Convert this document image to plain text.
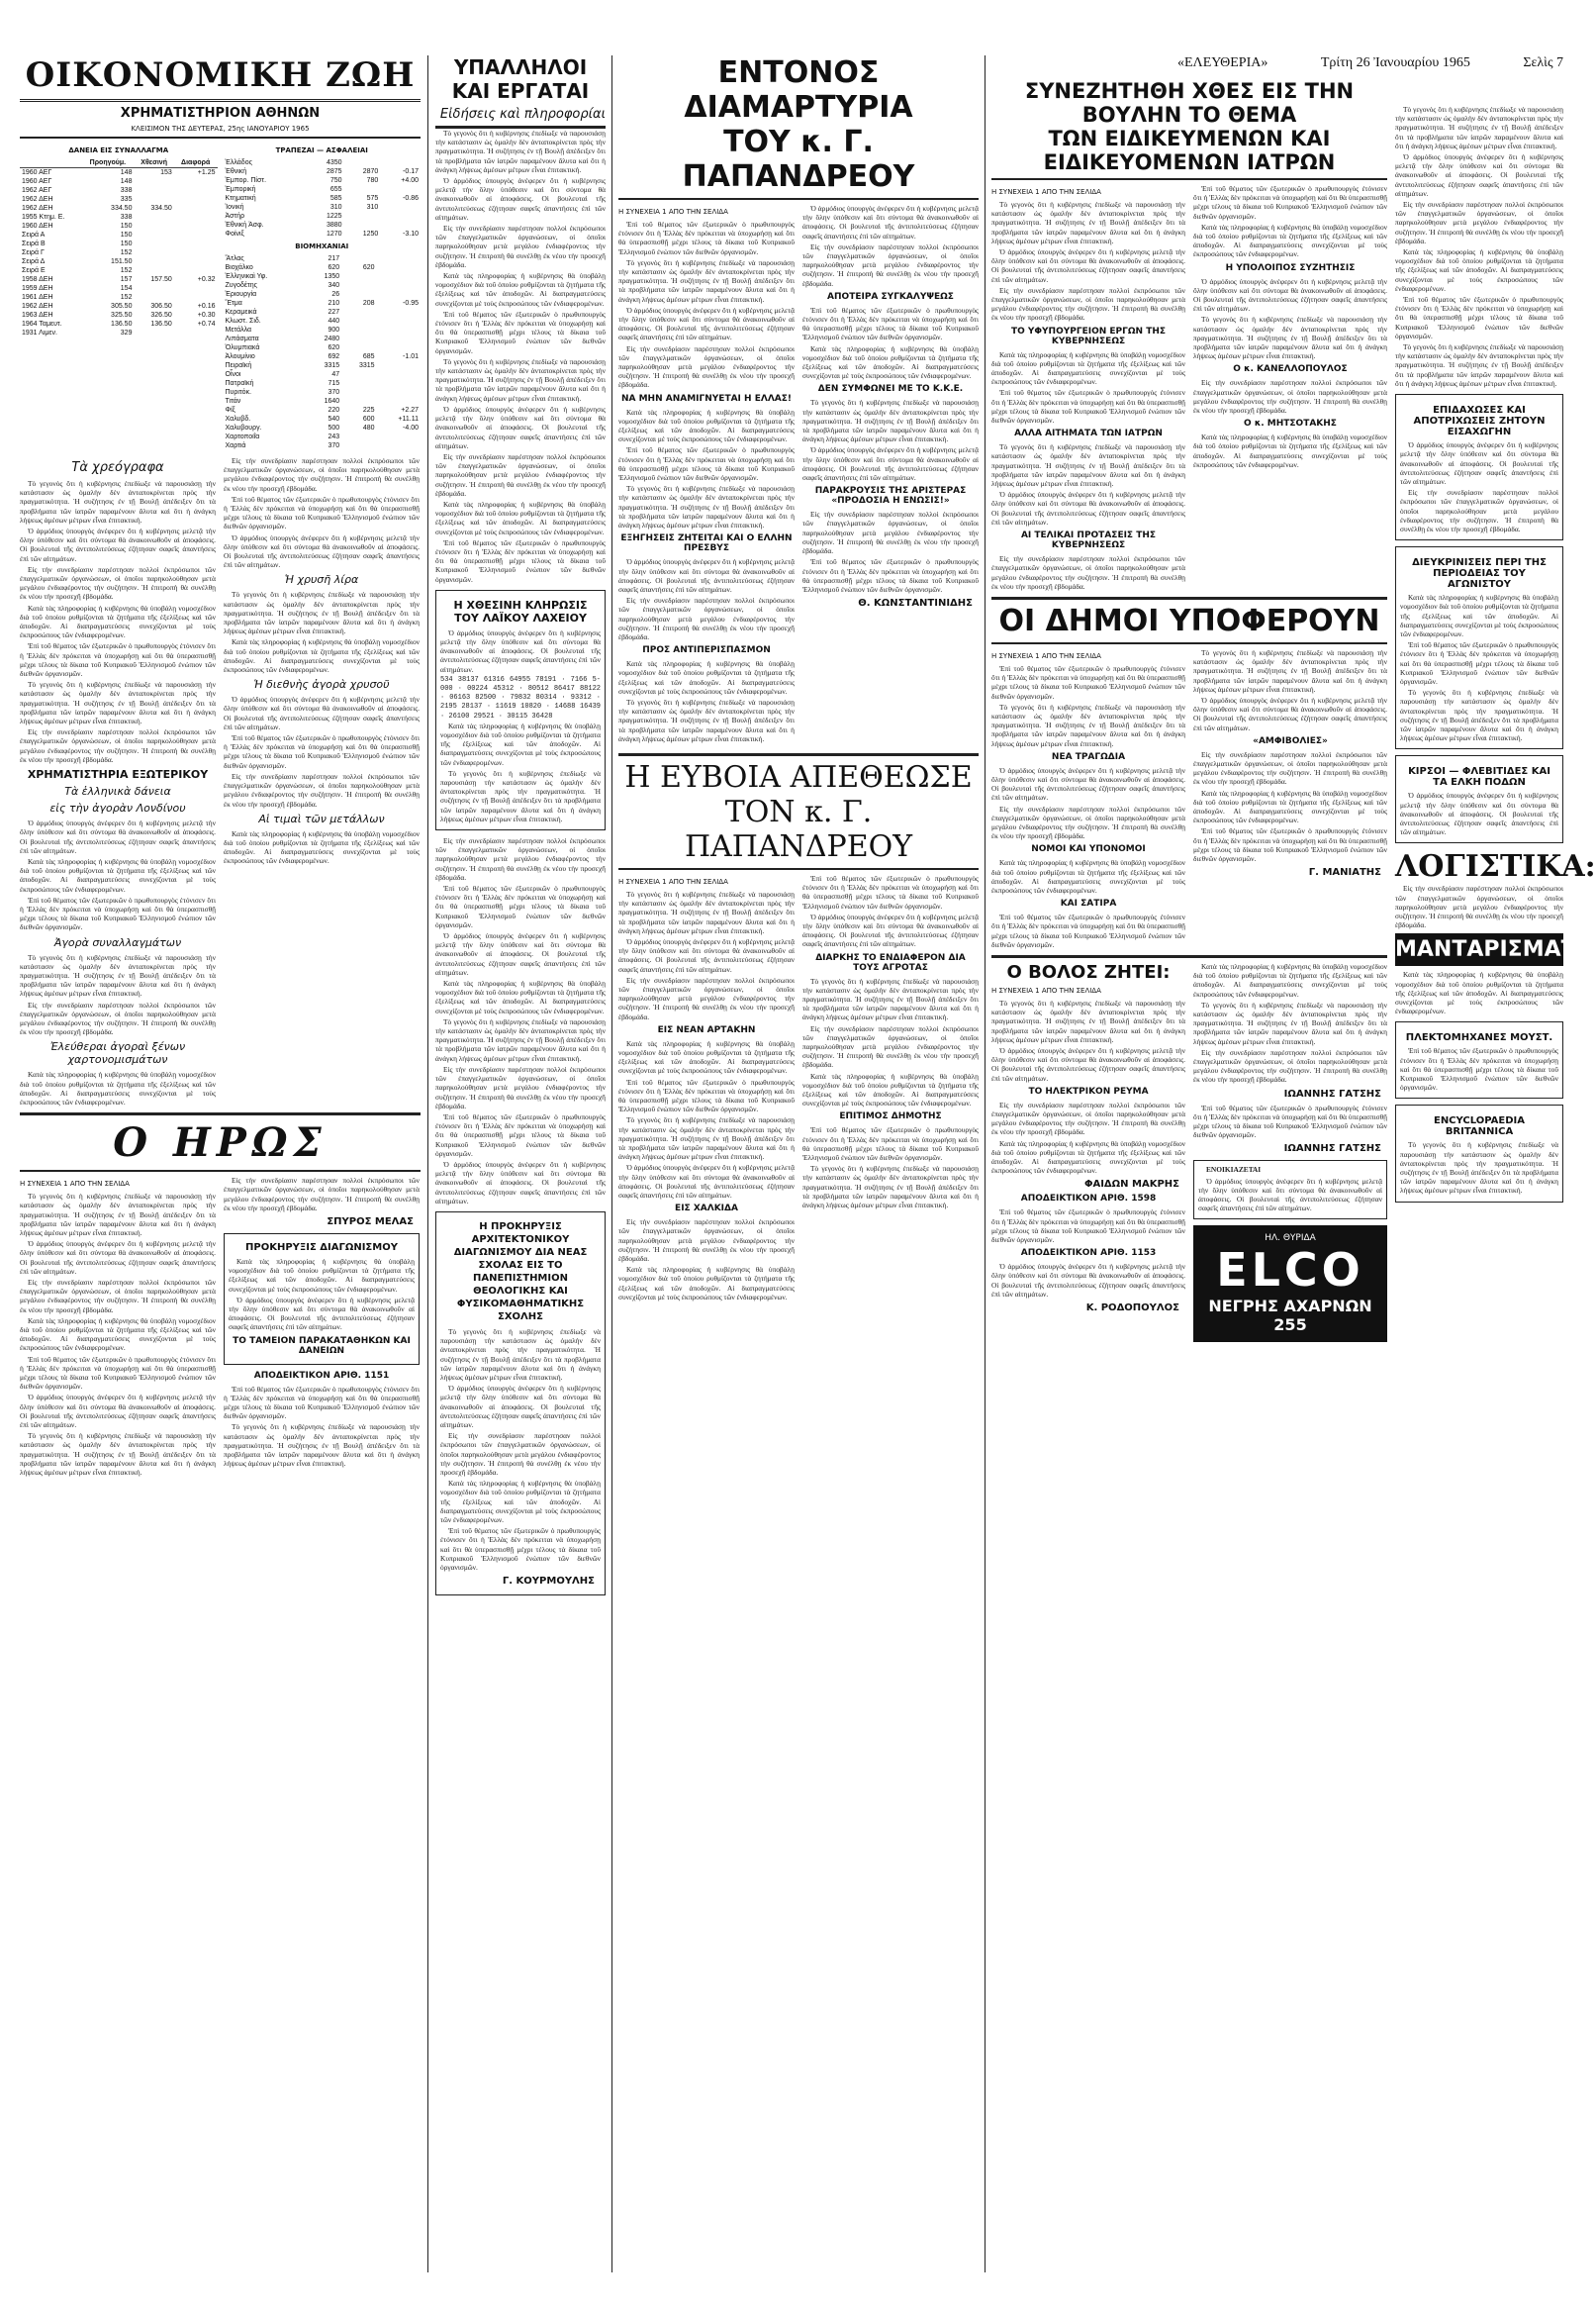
«ΕΛΕΥΘΕΡΙΑ»	Τρίτη 26 Ἰανουαρίου 1965	Σελὶς 7
ΟΙΚΟΝΟΜΙΚΗ ΖΩΗ
ΧΡΗΜΑΤΙΣΤΗΡΙΟΝ ΑΘΗΝΩΝ
ΚΛΕΙΣΙΜΟΝ ΤΗΣ ΔΕΥΤΕΡΑΣ, 25ης ΙΑΝΟΥΑΡΙΟΥ 1965
ΔΑΝΕΙΑ ΕΙΣ ΣΥΝΑΛΛΑΓΜΑ
	Προηγούμ.	Χθεσινή	Διαφορά
1960 ΑΕΓ	148	153	+1.25
1960 ΑΕΓ	148		
1962 ΑΕΓ	338		
1962 ΔΕΗ	335		
1962 ΔΕΗ	334.50	334.50	
1955 Κτημ. Ε.	338		
1960 ΔΕΗ	150		
Σειρά Α	150		
Σειρά Β	150		
Σειρά Γ	152		
Σειρά Δ	151.50		
Σειρά Ε	152		
1958 ΔΕΗ	157	157.50	+0.32
1959 ΔΕΗ	154		
1961 ΔΕΗ	152		
1962 ΔΕΗ	305.50	306.50	+0.16
1963 ΔΕΗ	325.50	326.50	+0.30
1964 Ταμευτ.	136.50	136.50	+0.74
1931 Λιμεν.	329		
ΤΡΑΠΕΖΑΙ — ΑΣΦΑΛΕΙΑΙ
Ἑλλάδος	4350		
Ἐθνική	2875	2870	-0.17
Ἐμπορ. Πίστ.	750	780	+4.00
Ἐμπορική	655		
Κτηματική	585	575	-0.86
Ἰονική	310	310	
Ἀστήρ	1225		
Ἐθνική Ἀσφ.	3880		
Φοίνιξ	1270	1250	-3.10
ΒΙΟΜΗΧΑΝΙΑΙ
Ἄτλας	217		
Βιοχάλκο	620	620	
Ἑλληνικαὶ Υφ.	1350		
Ζυγοδέτης	340		
Ἐριουργία	26		
Ἔτμα	210	208	-0.95
Κεραμεικά	227		
Κλωστ. Σιδ.	440		
Μετάλλα	900		
Λιπάσματα	2480		
Ὀλυμπιακά	620		
Ἀλουμίνιο	692	685	-1.01
Πειραϊκή	3315	3315	
Οἶνοι	47		
Πατραϊκή	715		
Πυριτόκ.	370		
Τιτάν	1640		
Φίξ	220	225	+2.27
Χαλυβδ.	540	600	+11.11
Χαλυβουργ.	500	480	-4.00
Χαρτοποιΐα	243		
Χαρτιά	370		
Τὰ χρεόγραφα

Τὸ γεγονὸς ὅτι ἡ κυβέρνησις ἐπεδίωξε νὰ παρουσιάσῃ τὴν κατάστασιν ὡς ὁμαλὴν δὲν ἀνταποκρίνεται πρὸς τὴν πραγματικότητα. Ἡ συζήτησις ἐν τῇ Βουλῇ ἀπέδειξεν ὅτι τὰ προβλήματα τῶν ἰατρῶν παραμένουν ἄλυτα καὶ ὅτι ἡ ἀνάγκη λήψεως ἀμέσων μέτρων εἶναι ἐπιτακτική.

Ὁ ἀρμόδιος ὑπουργὸς ἀνέφερεν ὅτι ἡ κυβέρνησις μελετᾷ τὴν ὅλην ὑπόθεσιν καὶ ὅτι σύντομα θὰ ἀνακοινωθοῦν αἱ ἀποφάσεις. Οἱ βουλευταὶ τῆς ἀντιπολιτεύσεως ἐζήτησαν σαφεῖς ἀπαντήσεις ἐπὶ τῶν αἰτημάτων.

Εἰς τὴν συνεδρίασιν παρέστησαν πολλοὶ ἐκπρόσωποι τῶν ἐπαγγελματικῶν ὀργανώσεων, οἱ ὁποῖοι παρηκολούθησαν μετὰ μεγάλου ἐνδιαφέροντος τὴν συζήτησιν. Ἡ ἐπιτροπὴ θὰ συνέλθῃ ἐκ νέου τὴν προσεχῆ ἑβδομάδα.

Κατὰ τὰς πληροφορίας ἡ κυβέρνησις θὰ ὑποβάλῃ νομοσχέδιον διὰ τοῦ ὁποίου ρυθμίζονται τὰ ζητήματα τῆς ἐξελίξεως καὶ τῶν ἀποδοχῶν. Αἱ διαπραγματεύσεις συνεχίζονται μὲ τοὺς ἐκπροσώπους τῶν ἐνδιαφερομένων.

Ἐπὶ τοῦ θέματος τῶν ἐξωτερικῶν ὁ πρωθυπουργὸς ἐτόνισεν ὅτι ἡ Ἑλλὰς δὲν πρόκειται νὰ ὑποχωρήσῃ καὶ ὅτι θὰ ὑπερασπισθῇ μέχρι τέλους τὰ δίκαια τοῦ Κυπριακοῦ Ἑλληνισμοῦ ἐνώπιον τῶν διεθνῶν ὀργανισμῶν.

Τὸ γεγονὸς ὅτι ἡ κυβέρνησις ἐπεδίωξε νὰ παρουσιάσῃ τὴν κατάστασιν ὡς ὁμαλὴν δὲν ἀνταποκρίνεται πρὸς τὴν πραγματικότητα. Ἡ συζήτησις ἐν τῇ Βουλῇ ἀπέδειξεν ὅτι τὰ προβλήματα τῶν ἰατρῶν παραμένουν ἄλυτα καὶ ὅτι ἡ ἀνάγκη λήψεως ἀμέσων μέτρων εἶναι ἐπιτακτική.

Εἰς τὴν συνεδρίασιν παρέστησαν πολλοὶ ἐκπρόσωποι τῶν ἐπαγγελματικῶν ὀργανώσεων, οἱ ὁποῖοι παρηκολούθησαν μετὰ μεγάλου ἐνδιαφέροντος τὴν συζήτησιν. Ἡ ἐπιτροπὴ θὰ συνέλθῃ ἐκ νέου τὴν προσεχῆ ἑβδομάδα.

ΧΡΗΜΑΤΙΣΤΗΡΙΑ ΕΞΩΤΕΡΙΚΟΥ
Τὰ ἑλληνικὰ δάνεια
εἰς τὴν ἀγορὰν Λονδίνου

Ὁ ἀρμόδιος ὑπουργὸς ἀνέφερεν ὅτι ἡ κυβέρνησις μελετᾷ τὴν ὅλην ὑπόθεσιν καὶ ὅτι σύντομα θὰ ἀνακοινωθοῦν αἱ ἀποφάσεις. Οἱ βουλευταὶ τῆς ἀντιπολιτεύσεως ἐζήτησαν σαφεῖς ἀπαντήσεις ἐπὶ τῶν αἰτημάτων.

Κατὰ τὰς πληροφορίας ἡ κυβέρνησις θὰ ὑποβάλῃ νομοσχέδιον διὰ τοῦ ὁποίου ρυθμίζονται τὰ ζητήματα τῆς ἐξελίξεως καὶ τῶν ἀποδοχῶν. Αἱ διαπραγματεύσεις συνεχίζονται μὲ τοὺς ἐκπροσώπους τῶν ἐνδιαφερομένων.

Ἐπὶ τοῦ θέματος τῶν ἐξωτερικῶν ὁ πρωθυπουργὸς ἐτόνισεν ὅτι ἡ Ἑλλὰς δὲν πρόκειται νὰ ὑποχωρήσῃ καὶ ὅτι θὰ ὑπερασπισθῇ μέχρι τέλους τὰ δίκαια τοῦ Κυπριακοῦ Ἑλληνισμοῦ ἐνώπιον τῶν διεθνῶν ὀργανισμῶν.

Ἀγορὰ συναλλαγμάτων

Τὸ γεγονὸς ὅτι ἡ κυβέρνησις ἐπεδίωξε νὰ παρουσιάσῃ τὴν κατάστασιν ὡς ὁμαλὴν δὲν ἀνταποκρίνεται πρὸς τὴν πραγματικότητα. Ἡ συζήτησις ἐν τῇ Βουλῇ ἀπέδειξεν ὅτι τὰ προβλήματα τῶν ἰατρῶν παραμένουν ἄλυτα καὶ ὅτι ἡ ἀνάγκη λήψεως ἀμέσων μέτρων εἶναι ἐπιτακτική.

Εἰς τὴν συνεδρίασιν παρέστησαν πολλοὶ ἐκπρόσωποι τῶν ἐπαγγελματικῶν ὀργανώσεων, οἱ ὁποῖοι παρηκολούθησαν μετὰ μεγάλου ἐνδιαφέροντος τὴν συζήτησιν. Ἡ ἐπιτροπὴ θὰ συνέλθῃ ἐκ νέου τὴν προσεχῆ ἑβδομάδα.

Ἐλεύθεραι ἀγοραὶ ξένων χαρτονομισμάτων

Κατὰ τὰς πληροφορίας ἡ κυβέρνησις θὰ ὑποβάλῃ νομοσχέδιον διὰ τοῦ ὁποίου ρυθμίζονται τὰ ζητήματα τῆς ἐξελίξεως καὶ τῶν ἀποδοχῶν. Αἱ διαπραγματεύσεις συνεχίζονται μὲ τοὺς ἐκπροσώπους τῶν ἐνδιαφερομένων.

Εἰς τὴν συνεδρίασιν παρέστησαν πολλοὶ ἐκπρόσωποι τῶν ἐπαγγελματικῶν ὀργανώσεων, οἱ ὁποῖοι παρηκολούθησαν μετὰ μεγάλου ἐνδιαφέροντος τὴν συζήτησιν. Ἡ ἐπιτροπὴ θὰ συνέλθῃ ἐκ νέου τὴν προσεχῆ ἑβδομάδα.

Ἐπὶ τοῦ θέματος τῶν ἐξωτερικῶν ὁ πρωθυπουργὸς ἐτόνισεν ὅτι ἡ Ἑλλὰς δὲν πρόκειται νὰ ὑποχωρήσῃ καὶ ὅτι θὰ ὑπερασπισθῇ μέχρι τέλους τὰ δίκαια τοῦ Κυπριακοῦ Ἑλληνισμοῦ ἐνώπιον τῶν διεθνῶν ὀργανισμῶν.

Ὁ ἀρμόδιος ὑπουργὸς ἀνέφερεν ὅτι ἡ κυβέρνησις μελετᾷ τὴν ὅλην ὑπόθεσιν καὶ ὅτι σύντομα θὰ ἀνακοινωθοῦν αἱ ἀποφάσεις. Οἱ βουλευταὶ τῆς ἀντιπολιτεύσεως ἐζήτησαν σαφεῖς ἀπαντήσεις ἐπὶ τῶν αἰτημάτων.

Ἡ χρυσῆ λίρα

Τὸ γεγονὸς ὅτι ἡ κυβέρνησις ἐπεδίωξε νὰ παρουσιάσῃ τὴν κατάστασιν ὡς ὁμαλὴν δὲν ἀνταποκρίνεται πρὸς τὴν πραγματικότητα. Ἡ συζήτησις ἐν τῇ Βουλῇ ἀπέδειξεν ὅτι τὰ προβλήματα τῶν ἰατρῶν παραμένουν ἄλυτα καὶ ὅτι ἡ ἀνάγκη λήψεως ἀμέσων μέτρων εἶναι ἐπιτακτική.

Κατὰ τὰς πληροφορίας ἡ κυβέρνησις θὰ ὑποβάλῃ νομοσχέδιον διὰ τοῦ ὁποίου ρυθμίζονται τὰ ζητήματα τῆς ἐξελίξεως καὶ τῶν ἀποδοχῶν. Αἱ διαπραγματεύσεις συνεχίζονται μὲ τοὺς ἐκπροσώπους τῶν ἐνδιαφερομένων.

Ἡ διεθνὴς ἀγορὰ χρυσοῦ

Ὁ ἀρμόδιος ὑπουργὸς ἀνέφερεν ὅτι ἡ κυβέρνησις μελετᾷ τὴν ὅλην ὑπόθεσιν καὶ ὅτι σύντομα θὰ ἀνακοινωθοῦν αἱ ἀποφάσεις. Οἱ βουλευταὶ τῆς ἀντιπολιτεύσεως ἐζήτησαν σαφεῖς ἀπαντήσεις ἐπὶ τῶν αἰτημάτων.

Ἐπὶ τοῦ θέματος τῶν ἐξωτερικῶν ὁ πρωθυπουργὸς ἐτόνισεν ὅτι ἡ Ἑλλὰς δὲν πρόκειται νὰ ὑποχωρήσῃ καὶ ὅτι θὰ ὑπερασπισθῇ μέχρι τέλους τὰ δίκαια τοῦ Κυπριακοῦ Ἑλληνισμοῦ ἐνώπιον τῶν διεθνῶν ὀργανισμῶν.

Εἰς τὴν συνεδρίασιν παρέστησαν πολλοὶ ἐκπρόσωποι τῶν ἐπαγγελματικῶν ὀργανώσεων, οἱ ὁποῖοι παρηκολούθησαν μετὰ μεγάλου ἐνδιαφέροντος τὴν συζήτησιν. Ἡ ἐπιτροπὴ θὰ συνέλθῃ ἐκ νέου τὴν προσεχῆ ἑβδομάδα.

Αἱ τιμαὶ τῶν μετάλλων

Κατὰ τὰς πληροφορίας ἡ κυβέρνησις θὰ ὑποβάλῃ νομοσχέδιον διὰ τοῦ ὁποίου ρυθμίζονται τὰ ζητήματα τῆς ἐξελίξεως καὶ τῶν ἀποδοχῶν. Αἱ διαπραγματεύσεις συνεχίζονται μὲ τοὺς ἐκπροσώπους τῶν ἐνδιαφερομένων.

Ο ΗΡΩΣ
Η ΣΥΝΕΧΕΙΑ 1 ΑΠΟ ΤΗΝ ΣΕΛΙΔΑ

Τὸ γεγονὸς ὅτι ἡ κυβέρνησις ἐπεδίωξε νὰ παρουσιάσῃ τὴν κατάστασιν ὡς ὁμαλὴν δὲν ἀνταποκρίνεται πρὸς τὴν πραγματικότητα. Ἡ συζήτησις ἐν τῇ Βουλῇ ἀπέδειξεν ὅτι τὰ προβλήματα τῶν ἰατρῶν παραμένουν ἄλυτα καὶ ὅτι ἡ ἀνάγκη λήψεως ἀμέσων μέτρων εἶναι ἐπιτακτική.

Ὁ ἀρμόδιος ὑπουργὸς ἀνέφερεν ὅτι ἡ κυβέρνησις μελετᾷ τὴν ὅλην ὑπόθεσιν καὶ ὅτι σύντομα θὰ ἀνακοινωθοῦν αἱ ἀποφάσεις. Οἱ βουλευταὶ τῆς ἀντιπολιτεύσεως ἐζήτησαν σαφεῖς ἀπαντήσεις ἐπὶ τῶν αἰτημάτων.

Εἰς τὴν συνεδρίασιν παρέστησαν πολλοὶ ἐκπρόσωποι τῶν ἐπαγγελματικῶν ὀργανώσεων, οἱ ὁποῖοι παρηκολούθησαν μετὰ μεγάλου ἐνδιαφέροντος τὴν συζήτησιν. Ἡ ἐπιτροπὴ θὰ συνέλθῃ ἐκ νέου τὴν προσεχῆ ἑβδομάδα.

Κατὰ τὰς πληροφορίας ἡ κυβέρνησις θὰ ὑποβάλῃ νομοσχέδιον διὰ τοῦ ὁποίου ρυθμίζονται τὰ ζητήματα τῆς ἐξελίξεως καὶ τῶν ἀποδοχῶν. Αἱ διαπραγματεύσεις συνεχίζονται μὲ τοὺς ἐκπροσώπους τῶν ἐνδιαφερομένων.

Ἐπὶ τοῦ θέματος τῶν ἐξωτερικῶν ὁ πρωθυπουργὸς ἐτόνισεν ὅτι ἡ Ἑλλὰς δὲν πρόκειται νὰ ὑποχωρήσῃ καὶ ὅτι θὰ ὑπερασπισθῇ μέχρι τέλους τὰ δίκαια τοῦ Κυπριακοῦ Ἑλληνισμοῦ ἐνώπιον τῶν διεθνῶν ὀργανισμῶν.

Ὁ ἀρμόδιος ὑπουργὸς ἀνέφερεν ὅτι ἡ κυβέρνησις μελετᾷ τὴν ὅλην ὑπόθεσιν καὶ ὅτι σύντομα θὰ ἀνακοινωθοῦν αἱ ἀποφάσεις. Οἱ βουλευταὶ τῆς ἀντιπολιτεύσεως ἐζήτησαν σαφεῖς ἀπαντήσεις ἐπὶ τῶν αἰτημάτων.

Τὸ γεγονὸς ὅτι ἡ κυβέρνησις ἐπεδίωξε νὰ παρουσιάσῃ τὴν κατάστασιν ὡς ὁμαλὴν δὲν ἀνταποκρίνεται πρὸς τὴν πραγματικότητα. Ἡ συζήτησις ἐν τῇ Βουλῇ ἀπέδειξεν ὅτι τὰ προβλήματα τῶν ἰατρῶν παραμένουν ἄλυτα καὶ ὅτι ἡ ἀνάγκη λήψεως ἀμέσων μέτρων εἶναι ἐπιτακτική.

Εἰς τὴν συνεδρίασιν παρέστησαν πολλοὶ ἐκπρόσωποι τῶν ἐπαγγελματικῶν ὀργανώσεων, οἱ ὁποῖοι παρηκολούθησαν μετὰ μεγάλου ἐνδιαφέροντος τὴν συζήτησιν. Ἡ ἐπιτροπὴ θὰ συνέλθῃ ἐκ νέου τὴν προσεχῆ ἑβδομάδα.

ΣΠΥΡΟΣ ΜΕΛΑΣ
ΠΡΟΚΗΡΥΞΙΣ ΔΙΑΓΩΝΙΣΜΟΥ

Κατὰ τὰς πληροφορίας ἡ κυβέρνησις θὰ ὑποβάλῃ νομοσχέδιον διὰ τοῦ ὁποίου ρυθμίζονται τὰ ζητήματα τῆς ἐξελίξεως καὶ τῶν ἀποδοχῶν. Αἱ διαπραγματεύσεις συνεχίζονται μὲ τοὺς ἐκπροσώπους τῶν ἐνδιαφερομένων.

Ὁ ἀρμόδιος ὑπουργὸς ἀνέφερεν ὅτι ἡ κυβέρνησις μελετᾷ τὴν ὅλην ὑπόθεσιν καὶ ὅτι σύντομα θὰ ἀνακοινωθοῦν αἱ ἀποφάσεις. Οἱ βουλευταὶ τῆς ἀντιπολιτεύσεως ἐζήτησαν σαφεῖς ἀπαντήσεις ἐπὶ τῶν αἰτημάτων.

ΤΟ ΤΑΜΕΙΟΝ ΠΑΡΑΚΑΤΑΘΗΚΩΝ ΚΑΙ ΔΑΝΕΙΩΝ
ΑΠΟΔΕΙΚΤΙΚΟΝ ΑΡΙΘ. 1151

Ἐπὶ τοῦ θέματος τῶν ἐξωτερικῶν ὁ πρωθυπουργὸς ἐτόνισεν ὅτι ἡ Ἑλλὰς δὲν πρόκειται νὰ ὑποχωρήσῃ καὶ ὅτι θὰ ὑπερασπισθῇ μέχρι τέλους τὰ δίκαια τοῦ Κυπριακοῦ Ἑλληνισμοῦ ἐνώπιον τῶν διεθνῶν ὀργανισμῶν.

Τὸ γεγονὸς ὅτι ἡ κυβέρνησις ἐπεδίωξε νὰ παρουσιάσῃ τὴν κατάστασιν ὡς ὁμαλὴν δὲν ἀνταποκρίνεται πρὸς τὴν πραγματικότητα. Ἡ συζήτησις ἐν τῇ Βουλῇ ἀπέδειξεν ὅτι τὰ προβλήματα τῶν ἰατρῶν παραμένουν ἄλυτα καὶ ὅτι ἡ ἀνάγκη λήψεως ἀμέσων μέτρων εἶναι ἐπιτακτική.

ΥΠΑΛΛΗΛΟΙ
ΚΑΙ ΕΡΓΑΤΑΙ
Εἰδήσεις καὶ πληροφορίαι

Τὸ γεγονὸς ὅτι ἡ κυβέρνησις ἐπεδίωξε νὰ παρουσιάσῃ τὴν κατάστασιν ὡς ὁμαλὴν δὲν ἀνταποκρίνεται πρὸς τὴν πραγματικότητα. Ἡ συζήτησις ἐν τῇ Βουλῇ ἀπέδειξεν ὅτι τὰ προβλήματα τῶν ἰατρῶν παραμένουν ἄλυτα καὶ ὅτι ἡ ἀνάγκη λήψεως ἀμέσων μέτρων εἶναι ἐπιτακτική.

Ὁ ἀρμόδιος ὑπουργὸς ἀνέφερεν ὅτι ἡ κυβέρνησις μελετᾷ τὴν ὅλην ὑπόθεσιν καὶ ὅτι σύντομα θὰ ἀνακοινωθοῦν αἱ ἀποφάσεις. Οἱ βουλευταὶ τῆς ἀντιπολιτεύσεως ἐζήτησαν σαφεῖς ἀπαντήσεις ἐπὶ τῶν αἰτημάτων.

Εἰς τὴν συνεδρίασιν παρέστησαν πολλοὶ ἐκπρόσωποι τῶν ἐπαγγελματικῶν ὀργανώσεων, οἱ ὁποῖοι παρηκολούθησαν μετὰ μεγάλου ἐνδιαφέροντος τὴν συζήτησιν. Ἡ ἐπιτροπὴ θὰ συνέλθῃ ἐκ νέου τὴν προσεχῆ ἑβδομάδα.

Κατὰ τὰς πληροφορίας ἡ κυβέρνησις θὰ ὑποβάλῃ νομοσχέδιον διὰ τοῦ ὁποίου ρυθμίζονται τὰ ζητήματα τῆς ἐξελίξεως καὶ τῶν ἀποδοχῶν. Αἱ διαπραγματεύσεις συνεχίζονται μὲ τοὺς ἐκπροσώπους τῶν ἐνδιαφερομένων.

Ἐπὶ τοῦ θέματος τῶν ἐξωτερικῶν ὁ πρωθυπουργὸς ἐτόνισεν ὅτι ἡ Ἑλλὰς δὲν πρόκειται νὰ ὑποχωρήσῃ καὶ ὅτι θὰ ὑπερασπισθῇ μέχρι τέλους τὰ δίκαια τοῦ Κυπριακοῦ Ἑλληνισμοῦ ἐνώπιον τῶν διεθνῶν ὀργανισμῶν.

Τὸ γεγονὸς ὅτι ἡ κυβέρνησις ἐπεδίωξε νὰ παρουσιάσῃ τὴν κατάστασιν ὡς ὁμαλὴν δὲν ἀνταποκρίνεται πρὸς τὴν πραγματικότητα. Ἡ συζήτησις ἐν τῇ Βουλῇ ἀπέδειξεν ὅτι τὰ προβλήματα τῶν ἰατρῶν παραμένουν ἄλυτα καὶ ὅτι ἡ ἀνάγκη λήψεως ἀμέσων μέτρων εἶναι ἐπιτακτική.

Ὁ ἀρμόδιος ὑπουργὸς ἀνέφερεν ὅτι ἡ κυβέρνησις μελετᾷ τὴν ὅλην ὑπόθεσιν καὶ ὅτι σύντομα θὰ ἀνακοινωθοῦν αἱ ἀποφάσεις. Οἱ βουλευταὶ τῆς ἀντιπολιτεύσεως ἐζήτησαν σαφεῖς ἀπαντήσεις ἐπὶ τῶν αἰτημάτων.

Εἰς τὴν συνεδρίασιν παρέστησαν πολλοὶ ἐκπρόσωποι τῶν ἐπαγγελματικῶν ὀργανώσεων, οἱ ὁποῖοι παρηκολούθησαν μετὰ μεγάλου ἐνδιαφέροντος τὴν συζήτησιν. Ἡ ἐπιτροπὴ θὰ συνέλθῃ ἐκ νέου τὴν προσεχῆ ἑβδομάδα.

Κατὰ τὰς πληροφορίας ἡ κυβέρνησις θὰ ὑποβάλῃ νομοσχέδιον διὰ τοῦ ὁποίου ρυθμίζονται τὰ ζητήματα τῆς ἐξελίξεως καὶ τῶν ἀποδοχῶν. Αἱ διαπραγματεύσεις συνεχίζονται μὲ τοὺς ἐκπροσώπους τῶν ἐνδιαφερομένων.

Ἐπὶ τοῦ θέματος τῶν ἐξωτερικῶν ὁ πρωθυπουργὸς ἐτόνισεν ὅτι ἡ Ἑλλὰς δὲν πρόκειται νὰ ὑποχωρήσῃ καὶ ὅτι θὰ ὑπερασπισθῇ μέχρι τέλους τὰ δίκαια τοῦ Κυπριακοῦ Ἑλληνισμοῦ ἐνώπιον τῶν διεθνῶν ὀργανισμῶν.

Η ΧΘΕΣΙΝΗ ΚΛΗΡΩΣΙΣ ΤΟΥ ΛΑΪΚΟΥ ΛΑΧΕΙΟΥ

Ὁ ἀρμόδιος ὑπουργὸς ἀνέφερεν ὅτι ἡ κυβέρνησις μελετᾷ τὴν ὅλην ὑπόθεσιν καὶ ὅτι σύντομα θὰ ἀνακοινωθοῦν αἱ ἀποφάσεις. Οἱ βουλευταὶ τῆς ἀντιπολιτεύσεως ἐζήτησαν σαφεῖς ἀπαντήσεις ἐπὶ τῶν αἰτημάτων.

534 38137 61316 64955 78191 · 7166 5-000 · 00224 45312 · 80512 86417 88122 · 06163 82500 · 79832 80314 · 93312 · 2195 28137 · 11619 10820 · 14688 16439 · 26100 29521 · 30115 36428

Κατὰ τὰς πληροφορίας ἡ κυβέρνησις θὰ ὑποβάλῃ νομοσχέδιον διὰ τοῦ ὁποίου ρυθμίζονται τὰ ζητήματα τῆς ἐξελίξεως καὶ τῶν ἀποδοχῶν. Αἱ διαπραγματεύσεις συνεχίζονται μὲ τοὺς ἐκπροσώπους τῶν ἐνδιαφερομένων.

Τὸ γεγονὸς ὅτι ἡ κυβέρνησις ἐπεδίωξε νὰ παρουσιάσῃ τὴν κατάστασιν ὡς ὁμαλὴν δὲν ἀνταποκρίνεται πρὸς τὴν πραγματικότητα. Ἡ συζήτησις ἐν τῇ Βουλῇ ἀπέδειξεν ὅτι τὰ προβλήματα τῶν ἰατρῶν παραμένουν ἄλυτα καὶ ὅτι ἡ ἀνάγκη λήψεως ἀμέσων μέτρων εἶναι ἐπιτακτική.

Εἰς τὴν συνεδρίασιν παρέστησαν πολλοὶ ἐκπρόσωποι τῶν ἐπαγγελματικῶν ὀργανώσεων, οἱ ὁποῖοι παρηκολούθησαν μετὰ μεγάλου ἐνδιαφέροντος τὴν συζήτησιν. Ἡ ἐπιτροπὴ θὰ συνέλθῃ ἐκ νέου τὴν προσεχῆ ἑβδομάδα.

Ἐπὶ τοῦ θέματος τῶν ἐξωτερικῶν ὁ πρωθυπουργὸς ἐτόνισεν ὅτι ἡ Ἑλλὰς δὲν πρόκειται νὰ ὑποχωρήσῃ καὶ ὅτι θὰ ὑπερασπισθῇ μέχρι τέλους τὰ δίκαια τοῦ Κυπριακοῦ Ἑλληνισμοῦ ἐνώπιον τῶν διεθνῶν ὀργανισμῶν.

Ὁ ἀρμόδιος ὑπουργὸς ἀνέφερεν ὅτι ἡ κυβέρνησις μελετᾷ τὴν ὅλην ὑπόθεσιν καὶ ὅτι σύντομα θὰ ἀνακοινωθοῦν αἱ ἀποφάσεις. Οἱ βουλευταὶ τῆς ἀντιπολιτεύσεως ἐζήτησαν σαφεῖς ἀπαντήσεις ἐπὶ τῶν αἰτημάτων.

Κατὰ τὰς πληροφορίας ἡ κυβέρνησις θὰ ὑποβάλῃ νομοσχέδιον διὰ τοῦ ὁποίου ρυθμίζονται τὰ ζητήματα τῆς ἐξελίξεως καὶ τῶν ἀποδοχῶν. Αἱ διαπραγματεύσεις συνεχίζονται μὲ τοὺς ἐκπροσώπους τῶν ἐνδιαφερομένων.

Τὸ γεγονὸς ὅτι ἡ κυβέρνησις ἐπεδίωξε νὰ παρουσιάσῃ τὴν κατάστασιν ὡς ὁμαλὴν δὲν ἀνταποκρίνεται πρὸς τὴν πραγματικότητα. Ἡ συζήτησις ἐν τῇ Βουλῇ ἀπέδειξεν ὅτι τὰ προβλήματα τῶν ἰατρῶν παραμένουν ἄλυτα καὶ ὅτι ἡ ἀνάγκη λήψεως ἀμέσων μέτρων εἶναι ἐπιτακτική.

Εἰς τὴν συνεδρίασιν παρέστησαν πολλοὶ ἐκπρόσωποι τῶν ἐπαγγελματικῶν ὀργανώσεων, οἱ ὁποῖοι παρηκολούθησαν μετὰ μεγάλου ἐνδιαφέροντος τὴν συζήτησιν. Ἡ ἐπιτροπὴ θὰ συνέλθῃ ἐκ νέου τὴν προσεχῆ ἑβδομάδα.

Ἐπὶ τοῦ θέματος τῶν ἐξωτερικῶν ὁ πρωθυπουργὸς ἐτόνισεν ὅτι ἡ Ἑλλὰς δὲν πρόκειται νὰ ὑποχωρήσῃ καὶ ὅτι θὰ ὑπερασπισθῇ μέχρι τέλους τὰ δίκαια τοῦ Κυπριακοῦ Ἑλληνισμοῦ ἐνώπιον τῶν διεθνῶν ὀργανισμῶν.

Ὁ ἀρμόδιος ὑπουργὸς ἀνέφερεν ὅτι ἡ κυβέρνησις μελετᾷ τὴν ὅλην ὑπόθεσιν καὶ ὅτι σύντομα θὰ ἀνακοινωθοῦν αἱ ἀποφάσεις. Οἱ βουλευταὶ τῆς ἀντιπολιτεύσεως ἐζήτησαν σαφεῖς ἀπαντήσεις ἐπὶ τῶν αἰτημάτων.

Η ΠΡΟΚΗΡΥΞΙΣ ΑΡΧΙΤΕΚΤΟΝΙΚΟΥ ΔΙΑΓΩΝΙΣΜΟΥ ΔΙΑ ΝΕΑΣ ΣΧΟΛΑΣ ΕΙΣ ΤΟ ΠΑΝΕΠΙΣΤΗΜΙΟΝ ΘΕΟΛΟΓΙΚΗΣ ΚΑΙ ΦΥΣΙΚΟΜΑΘΗΜΑΤΙΚΗΣ ΣΧΟΛΗΣ

Τὸ γεγονὸς ὅτι ἡ κυβέρνησις ἐπεδίωξε νὰ παρουσιάσῃ τὴν κατάστασιν ὡς ὁμαλὴν δὲν ἀνταποκρίνεται πρὸς τὴν πραγματικότητα. Ἡ συζήτησις ἐν τῇ Βουλῇ ἀπέδειξεν ὅτι τὰ προβλήματα τῶν ἰατρῶν παραμένουν ἄλυτα καὶ ὅτι ἡ ἀνάγκη λήψεως ἀμέσων μέτρων εἶναι ἐπιτακτική.

Ὁ ἀρμόδιος ὑπουργὸς ἀνέφερεν ὅτι ἡ κυβέρνησις μελετᾷ τὴν ὅλην ὑπόθεσιν καὶ ὅτι σύντομα θὰ ἀνακοινωθοῦν αἱ ἀποφάσεις. Οἱ βουλευταὶ τῆς ἀντιπολιτεύσεως ἐζήτησαν σαφεῖς ἀπαντήσεις ἐπὶ τῶν αἰτημάτων.

Εἰς τὴν συνεδρίασιν παρέστησαν πολλοὶ ἐκπρόσωποι τῶν ἐπαγγελματικῶν ὀργανώσεων, οἱ ὁποῖοι παρηκολούθησαν μετὰ μεγάλου ἐνδιαφέροντος τὴν συζήτησιν. Ἡ ἐπιτροπὴ θὰ συνέλθῃ ἐκ νέου τὴν προσεχῆ ἑβδομάδα.

Κατὰ τὰς πληροφορίας ἡ κυβέρνησις θὰ ὑποβάλῃ νομοσχέδιον διὰ τοῦ ὁποίου ρυθμίζονται τὰ ζητήματα τῆς ἐξελίξεως καὶ τῶν ἀποδοχῶν. Αἱ διαπραγματεύσεις συνεχίζονται μὲ τοὺς ἐκπροσώπους τῶν ἐνδιαφερομένων.

Ἐπὶ τοῦ θέματος τῶν ἐξωτερικῶν ὁ πρωθυπουργὸς ἐτόνισεν ὅτι ἡ Ἑλλὰς δὲν πρόκειται νὰ ὑποχωρήσῃ καὶ ὅτι θὰ ὑπερασπισθῇ μέχρι τέλους τὰ δίκαια τοῦ Κυπριακοῦ Ἑλληνισμοῦ ἐνώπιον τῶν διεθνῶν ὀργανισμῶν.

Γ. ΚΟΥΡΜΟΥΛΗΣ
ΕΝΤΟΝΟΣ ΔΙΑΜΑΡΤΥΡΙΑ
ΤΟΥ κ. Γ. ΠΑΠΑΝΔΡΕΟΥ
Η ΣΥΝΕΧΕΙΑ 1 ΑΠΟ ΤΗΝ ΣΕΛΙΔΑ

Ἐπὶ τοῦ θέματος τῶν ἐξωτερικῶν ὁ πρωθυπουργὸς ἐτόνισεν ὅτι ἡ Ἑλλὰς δὲν πρόκειται νὰ ὑποχωρήσῃ καὶ ὅτι θὰ ὑπερασπισθῇ μέχρι τέλους τὰ δίκαια τοῦ Κυπριακοῦ Ἑλληνισμοῦ ἐνώπιον τῶν διεθνῶν ὀργανισμῶν.

Τὸ γεγονὸς ὅτι ἡ κυβέρνησις ἐπεδίωξε νὰ παρουσιάσῃ τὴν κατάστασιν ὡς ὁμαλὴν δὲν ἀνταποκρίνεται πρὸς τὴν πραγματικότητα. Ἡ συζήτησις ἐν τῇ Βουλῇ ἀπέδειξεν ὅτι τὰ προβλήματα τῶν ἰατρῶν παραμένουν ἄλυτα καὶ ὅτι ἡ ἀνάγκη λήψεως ἀμέσων μέτρων εἶναι ἐπιτακτική.

Ὁ ἀρμόδιος ὑπουργὸς ἀνέφερεν ὅτι ἡ κυβέρνησις μελετᾷ τὴν ὅλην ὑπόθεσιν καὶ ὅτι σύντομα θὰ ἀνακοινωθοῦν αἱ ἀποφάσεις. Οἱ βουλευταὶ τῆς ἀντιπολιτεύσεως ἐζήτησαν σαφεῖς ἀπαντήσεις ἐπὶ τῶν αἰτημάτων.

Εἰς τὴν συνεδρίασιν παρέστησαν πολλοὶ ἐκπρόσωποι τῶν ἐπαγγελματικῶν ὀργανώσεων, οἱ ὁποῖοι παρηκολούθησαν μετὰ μεγάλου ἐνδιαφέροντος τὴν συζήτησιν. Ἡ ἐπιτροπὴ θὰ συνέλθῃ ἐκ νέου τὴν προσεχῆ ἑβδομάδα.

ΝΑ ΜΗΝ ΑΝΑΜΙΓΝΥΕΤΑΙ Η ΕΛΛΑΣ!

Κατὰ τὰς πληροφορίας ἡ κυβέρνησις θὰ ὑποβάλῃ νομοσχέδιον διὰ τοῦ ὁποίου ρυθμίζονται τὰ ζητήματα τῆς ἐξελίξεως καὶ τῶν ἀποδοχῶν. Αἱ διαπραγματεύσεις συνεχίζονται μὲ τοὺς ἐκπροσώπους τῶν ἐνδιαφερομένων.

Ἐπὶ τοῦ θέματος τῶν ἐξωτερικῶν ὁ πρωθυπουργὸς ἐτόνισεν ὅτι ἡ Ἑλλὰς δὲν πρόκειται νὰ ὑποχωρήσῃ καὶ ὅτι θὰ ὑπερασπισθῇ μέχρι τέλους τὰ δίκαια τοῦ Κυπριακοῦ Ἑλληνισμοῦ ἐνώπιον τῶν διεθνῶν ὀργανισμῶν.

Τὸ γεγονὸς ὅτι ἡ κυβέρνησις ἐπεδίωξε νὰ παρουσιάσῃ τὴν κατάστασιν ὡς ὁμαλὴν δὲν ἀνταποκρίνεται πρὸς τὴν πραγματικότητα. Ἡ συζήτησις ἐν τῇ Βουλῇ ἀπέδειξεν ὅτι τὰ προβλήματα τῶν ἰατρῶν παραμένουν ἄλυτα καὶ ὅτι ἡ ἀνάγκη λήψεως ἀμέσων μέτρων εἶναι ἐπιτακτική.

ΕΞΗΓΗΣΕΙΣ ΖΗΤΕΙΤΑΙ ΚΑΙ Ο ΕΛΛΗΝ ΠΡΕΣΒΥΣ

Ὁ ἀρμόδιος ὑπουργὸς ἀνέφερεν ὅτι ἡ κυβέρνησις μελετᾷ τὴν ὅλην ὑπόθεσιν καὶ ὅτι σύντομα θὰ ἀνακοινωθοῦν αἱ ἀποφάσεις. Οἱ βουλευταὶ τῆς ἀντιπολιτεύσεως ἐζήτησαν σαφεῖς ἀπαντήσεις ἐπὶ τῶν αἰτημάτων.

Εἰς τὴν συνεδρίασιν παρέστησαν πολλοὶ ἐκπρόσωποι τῶν ἐπαγγελματικῶν ὀργανώσεων, οἱ ὁποῖοι παρηκολούθησαν μετὰ μεγάλου ἐνδιαφέροντος τὴν συζήτησιν. Ἡ ἐπιτροπὴ θὰ συνέλθῃ ἐκ νέου τὴν προσεχῆ ἑβδομάδα.

ΠΡΟΣ ΑΝΤΙΠΕΡΙΣΠΑΣΜΟΝ

Κατὰ τὰς πληροφορίας ἡ κυβέρνησις θὰ ὑποβάλῃ νομοσχέδιον διὰ τοῦ ὁποίου ρυθμίζονται τὰ ζητήματα τῆς ἐξελίξεως καὶ τῶν ἀποδοχῶν. Αἱ διαπραγματεύσεις συνεχίζονται μὲ τοὺς ἐκπροσώπους τῶν ἐνδιαφερομένων.

Τὸ γεγονὸς ὅτι ἡ κυβέρνησις ἐπεδίωξε νὰ παρουσιάσῃ τὴν κατάστασιν ὡς ὁμαλὴν δὲν ἀνταποκρίνεται πρὸς τὴν πραγματικότητα. Ἡ συζήτησις ἐν τῇ Βουλῇ ἀπέδειξεν ὅτι τὰ προβλήματα τῶν ἰατρῶν παραμένουν ἄλυτα καὶ ὅτι ἡ ἀνάγκη λήψεως ἀμέσων μέτρων εἶναι ἐπιτακτική.

Ὁ ἀρμόδιος ὑπουργὸς ἀνέφερεν ὅτι ἡ κυβέρνησις μελετᾷ τὴν ὅλην ὑπόθεσιν καὶ ὅτι σύντομα θὰ ἀνακοινωθοῦν αἱ ἀποφάσεις. Οἱ βουλευταὶ τῆς ἀντιπολιτεύσεως ἐζήτησαν σαφεῖς ἀπαντήσεις ἐπὶ τῶν αἰτημάτων.

Εἰς τὴν συνεδρίασιν παρέστησαν πολλοὶ ἐκπρόσωποι τῶν ἐπαγγελματικῶν ὀργανώσεων, οἱ ὁποῖοι παρηκολούθησαν μετὰ μεγάλου ἐνδιαφέροντος τὴν συζήτησιν. Ἡ ἐπιτροπὴ θὰ συνέλθῃ ἐκ νέου τὴν προσεχῆ ἑβδομάδα.

ΑΠΟΤΕΙΡΑ ΣΥΓΚΑΛΥΨΕΩΣ

Ἐπὶ τοῦ θέματος τῶν ἐξωτερικῶν ὁ πρωθυπουργὸς ἐτόνισεν ὅτι ἡ Ἑλλὰς δὲν πρόκειται νὰ ὑποχωρήσῃ καὶ ὅτι θὰ ὑπερασπισθῇ μέχρι τέλους τὰ δίκαια τοῦ Κυπριακοῦ Ἑλληνισμοῦ ἐνώπιον τῶν διεθνῶν ὀργανισμῶν.

Κατὰ τὰς πληροφορίας ἡ κυβέρνησις θὰ ὑποβάλῃ νομοσχέδιον διὰ τοῦ ὁποίου ρυθμίζονται τὰ ζητήματα τῆς ἐξελίξεως καὶ τῶν ἀποδοχῶν. Αἱ διαπραγματεύσεις συνεχίζονται μὲ τοὺς ἐκπροσώπους τῶν ἐνδιαφερομένων.

ΔΕΝ ΣΥΜΦΩΝΕΙ ΜΕ ΤΟ Κ.Κ.Ε.

Τὸ γεγονὸς ὅτι ἡ κυβέρνησις ἐπεδίωξε νὰ παρουσιάσῃ τὴν κατάστασιν ὡς ὁμαλὴν δὲν ἀνταποκρίνεται πρὸς τὴν πραγματικότητα. Ἡ συζήτησις ἐν τῇ Βουλῇ ἀπέδειξεν ὅτι τὰ προβλήματα τῶν ἰατρῶν παραμένουν ἄλυτα καὶ ὅτι ἡ ἀνάγκη λήψεως ἀμέσων μέτρων εἶναι ἐπιτακτική.

Ὁ ἀρμόδιος ὑπουργὸς ἀνέφερεν ὅτι ἡ κυβέρνησις μελετᾷ τὴν ὅλην ὑπόθεσιν καὶ ὅτι σύντομα θὰ ἀνακοινωθοῦν αἱ ἀποφάσεις. Οἱ βουλευταὶ τῆς ἀντιπολιτεύσεως ἐζήτησαν σαφεῖς ἀπαντήσεις ἐπὶ τῶν αἰτημάτων.

ΠΑΡΑΚΡΟΥΣΙΣ ΤΗΣ ΑΡΙΣΤΕΡΑΣ «ΠΡΟΔΟΣΙΑ Η ΕΝΩΣΙΣ!»

Εἰς τὴν συνεδρίασιν παρέστησαν πολλοὶ ἐκπρόσωποι τῶν ἐπαγγελματικῶν ὀργανώσεων, οἱ ὁποῖοι παρηκολούθησαν μετὰ μεγάλου ἐνδιαφέροντος τὴν συζήτησιν. Ἡ ἐπιτροπὴ θὰ συνέλθῃ ἐκ νέου τὴν προσεχῆ ἑβδομάδα.

Ἐπὶ τοῦ θέματος τῶν ἐξωτερικῶν ὁ πρωθυπουργὸς ἐτόνισεν ὅτι ἡ Ἑλλὰς δὲν πρόκειται νὰ ὑποχωρήσῃ καὶ ὅτι θὰ ὑπερασπισθῇ μέχρι τέλους τὰ δίκαια τοῦ Κυπριακοῦ Ἑλληνισμοῦ ἐνώπιον τῶν διεθνῶν ὀργανισμῶν.

Θ. ΚΩΝΣΤΑΝΤΙΝΙΔΗΣ
Η ΕΥΒΟΙΑ ΑΠΕΘΕΩΣΕ
ΤΟΝ κ. Γ. ΠΑΠΑΝΔΡΕΟΥ
Η ΣΥΝΕΧΕΙΑ 1 ΑΠΟ ΤΗΝ ΣΕΛΙΔΑ

Τὸ γεγονὸς ὅτι ἡ κυβέρνησις ἐπεδίωξε νὰ παρουσιάσῃ τὴν κατάστασιν ὡς ὁμαλὴν δὲν ἀνταποκρίνεται πρὸς τὴν πραγματικότητα. Ἡ συζήτησις ἐν τῇ Βουλῇ ἀπέδειξεν ὅτι τὰ προβλήματα τῶν ἰατρῶν παραμένουν ἄλυτα καὶ ὅτι ἡ ἀνάγκη λήψεως ἀμέσων μέτρων εἶναι ἐπιτακτική.

Ὁ ἀρμόδιος ὑπουργὸς ἀνέφερεν ὅτι ἡ κυβέρνησις μελετᾷ τὴν ὅλην ὑπόθεσιν καὶ ὅτι σύντομα θὰ ἀνακοινωθοῦν αἱ ἀποφάσεις. Οἱ βουλευταὶ τῆς ἀντιπολιτεύσεως ἐζήτησαν σαφεῖς ἀπαντήσεις ἐπὶ τῶν αἰτημάτων.

Εἰς τὴν συνεδρίασιν παρέστησαν πολλοὶ ἐκπρόσωποι τῶν ἐπαγγελματικῶν ὀργανώσεων, οἱ ὁποῖοι παρηκολούθησαν μετὰ μεγάλου ἐνδιαφέροντος τὴν συζήτησιν. Ἡ ἐπιτροπὴ θὰ συνέλθῃ ἐκ νέου τὴν προσεχῆ ἑβδομάδα.

ΕΙΣ ΝΕΑΝ ΑΡΤΑΚΗΝ

Κατὰ τὰς πληροφορίας ἡ κυβέρνησις θὰ ὑποβάλῃ νομοσχέδιον διὰ τοῦ ὁποίου ρυθμίζονται τὰ ζητήματα τῆς ἐξελίξεως καὶ τῶν ἀποδοχῶν. Αἱ διαπραγματεύσεις συνεχίζονται μὲ τοὺς ἐκπροσώπους τῶν ἐνδιαφερομένων.

Ἐπὶ τοῦ θέματος τῶν ἐξωτερικῶν ὁ πρωθυπουργὸς ἐτόνισεν ὅτι ἡ Ἑλλὰς δὲν πρόκειται νὰ ὑποχωρήσῃ καὶ ὅτι θὰ ὑπερασπισθῇ μέχρι τέλους τὰ δίκαια τοῦ Κυπριακοῦ Ἑλληνισμοῦ ἐνώπιον τῶν διεθνῶν ὀργανισμῶν.

Τὸ γεγονὸς ὅτι ἡ κυβέρνησις ἐπεδίωξε νὰ παρουσιάσῃ τὴν κατάστασιν ὡς ὁμαλὴν δὲν ἀνταποκρίνεται πρὸς τὴν πραγματικότητα. Ἡ συζήτησις ἐν τῇ Βουλῇ ἀπέδειξεν ὅτι τὰ προβλήματα τῶν ἰατρῶν παραμένουν ἄλυτα καὶ ὅτι ἡ ἀνάγκη λήψεως ἀμέσων μέτρων εἶναι ἐπιτακτική.

Ὁ ἀρμόδιος ὑπουργὸς ἀνέφερεν ὅτι ἡ κυβέρνησις μελετᾷ τὴν ὅλην ὑπόθεσιν καὶ ὅτι σύντομα θὰ ἀνακοινωθοῦν αἱ ἀποφάσεις. Οἱ βουλευταὶ τῆς ἀντιπολιτεύσεως ἐζήτησαν σαφεῖς ἀπαντήσεις ἐπὶ τῶν αἰτημάτων.

ΕΙΣ ΧΑΛΚΙΔΑ

Εἰς τὴν συνεδρίασιν παρέστησαν πολλοὶ ἐκπρόσωποι τῶν ἐπαγγελματικῶν ὀργανώσεων, οἱ ὁποῖοι παρηκολούθησαν μετὰ μεγάλου ἐνδιαφέροντος τὴν συζήτησιν. Ἡ ἐπιτροπὴ θὰ συνέλθῃ ἐκ νέου τὴν προσεχῆ ἑβδομάδα.

Κατὰ τὰς πληροφορίας ἡ κυβέρνησις θὰ ὑποβάλῃ νομοσχέδιον διὰ τοῦ ὁποίου ρυθμίζονται τὰ ζητήματα τῆς ἐξελίξεως καὶ τῶν ἀποδοχῶν. Αἱ διαπραγματεύσεις συνεχίζονται μὲ τοὺς ἐκπροσώπους τῶν ἐνδιαφερομένων.

Ἐπὶ τοῦ θέματος τῶν ἐξωτερικῶν ὁ πρωθυπουργὸς ἐτόνισεν ὅτι ἡ Ἑλλὰς δὲν πρόκειται νὰ ὑποχωρήσῃ καὶ ὅτι θὰ ὑπερασπισθῇ μέχρι τέλους τὰ δίκαια τοῦ Κυπριακοῦ Ἑλληνισμοῦ ἐνώπιον τῶν διεθνῶν ὀργανισμῶν.

Ὁ ἀρμόδιος ὑπουργὸς ἀνέφερεν ὅτι ἡ κυβέρνησις μελετᾷ τὴν ὅλην ὑπόθεσιν καὶ ὅτι σύντομα θὰ ἀνακοινωθοῦν αἱ ἀποφάσεις. Οἱ βουλευταὶ τῆς ἀντιπολιτεύσεως ἐζήτησαν σαφεῖς ἀπαντήσεις ἐπὶ τῶν αἰτημάτων.

ΔΙΑΡΚΗΣ ΤΟ ΕΝΔΙΑΦΕΡΟΝ ΔΙΑ ΤΟΥΣ ΑΓΡΟΤΑΣ

Τὸ γεγονὸς ὅτι ἡ κυβέρνησις ἐπεδίωξε νὰ παρουσιάσῃ τὴν κατάστασιν ὡς ὁμαλὴν δὲν ἀνταποκρίνεται πρὸς τὴν πραγματικότητα. Ἡ συζήτησις ἐν τῇ Βουλῇ ἀπέδειξεν ὅτι τὰ προβλήματα τῶν ἰατρῶν παραμένουν ἄλυτα καὶ ὅτι ἡ ἀνάγκη λήψεως ἀμέσων μέτρων εἶναι ἐπιτακτική.

Εἰς τὴν συνεδρίασιν παρέστησαν πολλοὶ ἐκπρόσωποι τῶν ἐπαγγελματικῶν ὀργανώσεων, οἱ ὁποῖοι παρηκολούθησαν μετὰ μεγάλου ἐνδιαφέροντος τὴν συζήτησιν. Ἡ ἐπιτροπὴ θὰ συνέλθῃ ἐκ νέου τὴν προσεχῆ ἑβδομάδα.

Κατὰ τὰς πληροφορίας ἡ κυβέρνησις θὰ ὑποβάλῃ νομοσχέδιον διὰ τοῦ ὁποίου ρυθμίζονται τὰ ζητήματα τῆς ἐξελίξεως καὶ τῶν ἀποδοχῶν. Αἱ διαπραγματεύσεις συνεχίζονται μὲ τοὺς ἐκπροσώπους τῶν ἐνδιαφερομένων.

ΕΠΙΤΙΜΟΣ ΔΗΜΟΤΗΣ

Ἐπὶ τοῦ θέματος τῶν ἐξωτερικῶν ὁ πρωθυπουργὸς ἐτόνισεν ὅτι ἡ Ἑλλὰς δὲν πρόκειται νὰ ὑποχωρήσῃ καὶ ὅτι θὰ ὑπερασπισθῇ μέχρι τέλους τὰ δίκαια τοῦ Κυπριακοῦ Ἑλληνισμοῦ ἐνώπιον τῶν διεθνῶν ὀργανισμῶν.

Τὸ γεγονὸς ὅτι ἡ κυβέρνησις ἐπεδίωξε νὰ παρουσιάσῃ τὴν κατάστασιν ὡς ὁμαλὴν δὲν ἀνταποκρίνεται πρὸς τὴν πραγματικότητα. Ἡ συζήτησις ἐν τῇ Βουλῇ ἀπέδειξεν ὅτι τὰ προβλήματα τῶν ἰατρῶν παραμένουν ἄλυτα καὶ ὅτι ἡ ἀνάγκη λήψεως ἀμέσων μέτρων εἶναι ἐπιτακτική.

ΣΥΝΕΖΗΤΗΘΗ ΧΘΕΣ ΕΙΣ ΤΗΝ ΒΟΥΛΗΝ ΤΟ ΘΕΜΑ
ΤΩΝ ΕΙΔΙΚΕΥΜΕΝΩΝ ΚΑΙ ΕΙΔΙΚΕΥΟΜΕΝΩΝ ΙΑΤΡΩΝ
Η ΣΥΝΕΧΕΙΑ 1 ΑΠΟ ΤΗΝ ΣΕΛΙΔΑ

Τὸ γεγονὸς ὅτι ἡ κυβέρνησις ἐπεδίωξε νὰ παρουσιάσῃ τὴν κατάστασιν ὡς ὁμαλὴν δὲν ἀνταποκρίνεται πρὸς τὴν πραγματικότητα. Ἡ συζήτησις ἐν τῇ Βουλῇ ἀπέδειξεν ὅτι τὰ προβλήματα τῶν ἰατρῶν παραμένουν ἄλυτα καὶ ὅτι ἡ ἀνάγκη λήψεως ἀμέσων μέτρων εἶναι ἐπιτακτική.

Ὁ ἀρμόδιος ὑπουργὸς ἀνέφερεν ὅτι ἡ κυβέρνησις μελετᾷ τὴν ὅλην ὑπόθεσιν καὶ ὅτι σύντομα θὰ ἀνακοινωθοῦν αἱ ἀποφάσεις. Οἱ βουλευταὶ τῆς ἀντιπολιτεύσεως ἐζήτησαν σαφεῖς ἀπαντήσεις ἐπὶ τῶν αἰτημάτων.

Εἰς τὴν συνεδρίασιν παρέστησαν πολλοὶ ἐκπρόσωποι τῶν ἐπαγγελματικῶν ὀργανώσεων, οἱ ὁποῖοι παρηκολούθησαν μετὰ μεγάλου ἐνδιαφέροντος τὴν συζήτησιν. Ἡ ἐπιτροπὴ θὰ συνέλθῃ ἐκ νέου τὴν προσεχῆ ἑβδομάδα.

ΤΟ ΥΦΥΠΟΥΡΓΕΙΟΝ ΕΡΓΩΝ ΤΗΣ ΚΥΒΕΡΝΗΣΕΩΣ

Κατὰ τὰς πληροφορίας ἡ κυβέρνησις θὰ ὑποβάλῃ νομοσχέδιον διὰ τοῦ ὁποίου ρυθμίζονται τὰ ζητήματα τῆς ἐξελίξεως καὶ τῶν ἀποδοχῶν. Αἱ διαπραγματεύσεις συνεχίζονται μὲ τοὺς ἐκπροσώπους τῶν ἐνδιαφερομένων.

Ἐπὶ τοῦ θέματος τῶν ἐξωτερικῶν ὁ πρωθυπουργὸς ἐτόνισεν ὅτι ἡ Ἑλλὰς δὲν πρόκειται νὰ ὑποχωρήσῃ καὶ ὅτι θὰ ὑπερασπισθῇ μέχρι τέλους τὰ δίκαια τοῦ Κυπριακοῦ Ἑλληνισμοῦ ἐνώπιον τῶν διεθνῶν ὀργανισμῶν.

ΑΛΛΑ ΑΙΤΗΜΑΤΑ ΤΩΝ ΙΑΤΡΩΝ

Τὸ γεγονὸς ὅτι ἡ κυβέρνησις ἐπεδίωξε νὰ παρουσιάσῃ τὴν κατάστασιν ὡς ὁμαλὴν δὲν ἀνταποκρίνεται πρὸς τὴν πραγματικότητα. Ἡ συζήτησις ἐν τῇ Βουλῇ ἀπέδειξεν ὅτι τὰ προβλήματα τῶν ἰατρῶν παραμένουν ἄλυτα καὶ ὅτι ἡ ἀνάγκη λήψεως ἀμέσων μέτρων εἶναι ἐπιτακτική.

Ὁ ἀρμόδιος ὑπουργὸς ἀνέφερεν ὅτι ἡ κυβέρνησις μελετᾷ τὴν ὅλην ὑπόθεσιν καὶ ὅτι σύντομα θὰ ἀνακοινωθοῦν αἱ ἀποφάσεις. Οἱ βουλευταὶ τῆς ἀντιπολιτεύσεως ἐζήτησαν σαφεῖς ἀπαντήσεις ἐπὶ τῶν αἰτημάτων.

ΑΙ ΤΕΛΙΚΑΙ ΠΡΟΤΑΣΕΙΣ ΤΗΣ ΚΥΒΕΡΝΗΣΕΩΣ

Εἰς τὴν συνεδρίασιν παρέστησαν πολλοὶ ἐκπρόσωποι τῶν ἐπαγγελματικῶν ὀργανώσεων, οἱ ὁποῖοι παρηκολούθησαν μετὰ μεγάλου ἐνδιαφέροντος τὴν συζήτησιν. Ἡ ἐπιτροπὴ θὰ συνέλθῃ ἐκ νέου τὴν προσεχῆ ἑβδομάδα.

Ἐπὶ τοῦ θέματος τῶν ἐξωτερικῶν ὁ πρωθυπουργὸς ἐτόνισεν ὅτι ἡ Ἑλλὰς δὲν πρόκειται νὰ ὑποχωρήσῃ καὶ ὅτι θὰ ὑπερασπισθῇ μέχρι τέλους τὰ δίκαια τοῦ Κυπριακοῦ Ἑλληνισμοῦ ἐνώπιον τῶν διεθνῶν ὀργανισμῶν.

Κατὰ τὰς πληροφορίας ἡ κυβέρνησις θὰ ὑποβάλῃ νομοσχέδιον διὰ τοῦ ὁποίου ρυθμίζονται τὰ ζητήματα τῆς ἐξελίξεως καὶ τῶν ἀποδοχῶν. Αἱ διαπραγματεύσεις συνεχίζονται μὲ τοὺς ἐκπροσώπους τῶν ἐνδιαφερομένων.

Η ΥΠΟΛΟΙΠΟΣ ΣΥΖΗΤΗΣΙΣ

Ὁ ἀρμόδιος ὑπουργὸς ἀνέφερεν ὅτι ἡ κυβέρνησις μελετᾷ τὴν ὅλην ὑπόθεσιν καὶ ὅτι σύντομα θὰ ἀνακοινωθοῦν αἱ ἀποφάσεις. Οἱ βουλευταὶ τῆς ἀντιπολιτεύσεως ἐζήτησαν σαφεῖς ἀπαντήσεις ἐπὶ τῶν αἰτημάτων.

Τὸ γεγονὸς ὅτι ἡ κυβέρνησις ἐπεδίωξε νὰ παρουσιάσῃ τὴν κατάστασιν ὡς ὁμαλὴν δὲν ἀνταποκρίνεται πρὸς τὴν πραγματικότητα. Ἡ συζήτησις ἐν τῇ Βουλῇ ἀπέδειξεν ὅτι τὰ προβλήματα τῶν ἰατρῶν παραμένουν ἄλυτα καὶ ὅτι ἡ ἀνάγκη λήψεως ἀμέσων μέτρων εἶναι ἐπιτακτική.

Ο κ. ΚΑΝΕΛΛΟΠΟΥΛΟΣ

Εἰς τὴν συνεδρίασιν παρέστησαν πολλοὶ ἐκπρόσωποι τῶν ἐπαγγελματικῶν ὀργανώσεων, οἱ ὁποῖοι παρηκολούθησαν μετὰ μεγάλου ἐνδιαφέροντος τὴν συζήτησιν. Ἡ ἐπιτροπὴ θὰ συνέλθῃ ἐκ νέου τὴν προσεχῆ ἑβδομάδα.

Ο κ. ΜΗΤΣΟΤΑΚΗΣ

Κατὰ τὰς πληροφορίας ἡ κυβέρνησις θὰ ὑποβάλῃ νομοσχέδιον διὰ τοῦ ὁποίου ρυθμίζονται τὰ ζητήματα τῆς ἐξελίξεως καὶ τῶν ἀποδοχῶν. Αἱ διαπραγματεύσεις συνεχίζονται μὲ τοὺς ἐκπροσώπους τῶν ἐνδιαφερομένων.

ΟΙ ΔΗΜΟΙ ΥΠΟΦΕΡΟΥΝ
Η ΣΥΝΕΧΕΙΑ 1 ΑΠΟ ΤΗΝ ΣΕΛΙΔΑ

Ἐπὶ τοῦ θέματος τῶν ἐξωτερικῶν ὁ πρωθυπουργὸς ἐτόνισεν ὅτι ἡ Ἑλλὰς δὲν πρόκειται νὰ ὑποχωρήσῃ καὶ ὅτι θὰ ὑπερασπισθῇ μέχρι τέλους τὰ δίκαια τοῦ Κυπριακοῦ Ἑλληνισμοῦ ἐνώπιον τῶν διεθνῶν ὀργανισμῶν.

Τὸ γεγονὸς ὅτι ἡ κυβέρνησις ἐπεδίωξε νὰ παρουσιάσῃ τὴν κατάστασιν ὡς ὁμαλὴν δὲν ἀνταποκρίνεται πρὸς τὴν πραγματικότητα. Ἡ συζήτησις ἐν τῇ Βουλῇ ἀπέδειξεν ὅτι τὰ προβλήματα τῶν ἰατρῶν παραμένουν ἄλυτα καὶ ὅτι ἡ ἀνάγκη λήψεως ἀμέσων μέτρων εἶναι ἐπιτακτική.

ΝΕΑ ΤΡΑΓΩΔΙΑ

Ὁ ἀρμόδιος ὑπουργὸς ἀνέφερεν ὅτι ἡ κυβέρνησις μελετᾷ τὴν ὅλην ὑπόθεσιν καὶ ὅτι σύντομα θὰ ἀνακοινωθοῦν αἱ ἀποφάσεις. Οἱ βουλευταὶ τῆς ἀντιπολιτεύσεως ἐζήτησαν σαφεῖς ἀπαντήσεις ἐπὶ τῶν αἰτημάτων.

Εἰς τὴν συνεδρίασιν παρέστησαν πολλοὶ ἐκπρόσωποι τῶν ἐπαγγελματικῶν ὀργανώσεων, οἱ ὁποῖοι παρηκολούθησαν μετὰ μεγάλου ἐνδιαφέροντος τὴν συζήτησιν. Ἡ ἐπιτροπὴ θὰ συνέλθῃ ἐκ νέου τὴν προσεχῆ ἑβδομάδα.

ΝΟΜΟΙ ΚΑΙ ΥΠΟΝΟΜΟΙ

Κατὰ τὰς πληροφορίας ἡ κυβέρνησις θὰ ὑποβάλῃ νομοσχέδιον διὰ τοῦ ὁποίου ρυθμίζονται τὰ ζητήματα τῆς ἐξελίξεως καὶ τῶν ἀποδοχῶν. Αἱ διαπραγματεύσεις συνεχίζονται μὲ τοὺς ἐκπροσώπους τῶν ἐνδιαφερομένων.

ΚΑΙ ΣΑΤΙΡΑ

Ἐπὶ τοῦ θέματος τῶν ἐξωτερικῶν ὁ πρωθυπουργὸς ἐτόνισεν ὅτι ἡ Ἑλλὰς δὲν πρόκειται νὰ ὑποχωρήσῃ καὶ ὅτι θὰ ὑπερασπισθῇ μέχρι τέλους τὰ δίκαια τοῦ Κυπριακοῦ Ἑλληνισμοῦ ἐνώπιον τῶν διεθνῶν ὀργανισμῶν.

Τὸ γεγονὸς ὅτι ἡ κυβέρνησις ἐπεδίωξε νὰ παρουσιάσῃ τὴν κατάστασιν ὡς ὁμαλὴν δὲν ἀνταποκρίνεται πρὸς τὴν πραγματικότητα. Ἡ συζήτησις ἐν τῇ Βουλῇ ἀπέδειξεν ὅτι τὰ προβλήματα τῶν ἰατρῶν παραμένουν ἄλυτα καὶ ὅτι ἡ ἀνάγκη λήψεως ἀμέσων μέτρων εἶναι ἐπιτακτική.

Ὁ ἀρμόδιος ὑπουργὸς ἀνέφερεν ὅτι ἡ κυβέρνησις μελετᾷ τὴν ὅλην ὑπόθεσιν καὶ ὅτι σύντομα θὰ ἀνακοινωθοῦν αἱ ἀποφάσεις. Οἱ βουλευταὶ τῆς ἀντιπολιτεύσεως ἐζήτησαν σαφεῖς ἀπαντήσεις ἐπὶ τῶν αἰτημάτων.

«ΑΜΦΙΒΟΛΙΕΣ»

Εἰς τὴν συνεδρίασιν παρέστησαν πολλοὶ ἐκπρόσωποι τῶν ἐπαγγελματικῶν ὀργανώσεων, οἱ ὁποῖοι παρηκολούθησαν μετὰ μεγάλου ἐνδιαφέροντος τὴν συζήτησιν. Ἡ ἐπιτροπὴ θὰ συνέλθῃ ἐκ νέου τὴν προσεχῆ ἑβδομάδα.

Κατὰ τὰς πληροφορίας ἡ κυβέρνησις θὰ ὑποβάλῃ νομοσχέδιον διὰ τοῦ ὁποίου ρυθμίζονται τὰ ζητήματα τῆς ἐξελίξεως καὶ τῶν ἀποδοχῶν. Αἱ διαπραγματεύσεις συνεχίζονται μὲ τοὺς ἐκπροσώπους τῶν ἐνδιαφερομένων.

Ἐπὶ τοῦ θέματος τῶν ἐξωτερικῶν ὁ πρωθυπουργὸς ἐτόνισεν ὅτι ἡ Ἑλλὰς δὲν πρόκειται νὰ ὑποχωρήσῃ καὶ ὅτι θὰ ὑπερασπισθῇ μέχρι τέλους τὰ δίκαια τοῦ Κυπριακοῦ Ἑλληνισμοῦ ἐνώπιον τῶν διεθνῶν ὀργανισμῶν.

Γ. ΜΑΝΙΑΤΗΣ
Ο ΒΟΛΟΣ ΖΗΤΕΙ:
Η ΣΥΝΕΧΕΙΑ 1 ΑΠΟ ΤΗΝ ΣΕΛΙΔΑ

Τὸ γεγονὸς ὅτι ἡ κυβέρνησις ἐπεδίωξε νὰ παρουσιάσῃ τὴν κατάστασιν ὡς ὁμαλὴν δὲν ἀνταποκρίνεται πρὸς τὴν πραγματικότητα. Ἡ συζήτησις ἐν τῇ Βουλῇ ἀπέδειξεν ὅτι τὰ προβλήματα τῶν ἰατρῶν παραμένουν ἄλυτα καὶ ὅτι ἡ ἀνάγκη λήψεως ἀμέσων μέτρων εἶναι ἐπιτακτική.

Ὁ ἀρμόδιος ὑπουργὸς ἀνέφερεν ὅτι ἡ κυβέρνησις μελετᾷ τὴν ὅλην ὑπόθεσιν καὶ ὅτι σύντομα θὰ ἀνακοινωθοῦν αἱ ἀποφάσεις. Οἱ βουλευταὶ τῆς ἀντιπολιτεύσεως ἐζήτησαν σαφεῖς ἀπαντήσεις ἐπὶ τῶν αἰτημάτων.

ΤΟ ΗΛΕΚΤΡΙΚΟΝ ΡΕΥΜΑ

Εἰς τὴν συνεδρίασιν παρέστησαν πολλοὶ ἐκπρόσωποι τῶν ἐπαγγελματικῶν ὀργανώσεων, οἱ ὁποῖοι παρηκολούθησαν μετὰ μεγάλου ἐνδιαφέροντος τὴν συζήτησιν. Ἡ ἐπιτροπὴ θὰ συνέλθῃ ἐκ νέου τὴν προσεχῆ ἑβδομάδα.

Κατὰ τὰς πληροφορίας ἡ κυβέρνησις θὰ ὑποβάλῃ νομοσχέδιον διὰ τοῦ ὁποίου ρυθμίζονται τὰ ζητήματα τῆς ἐξελίξεως καὶ τῶν ἀποδοχῶν. Αἱ διαπραγματεύσεις συνεχίζονται μὲ τοὺς ἐκπροσώπους τῶν ἐνδιαφερομένων.

ΦΑΙΔΩΝ ΜΑΚΡΗΣ
ΑΠΟΔΕΙΚΤΙΚΟΝ ΑΡΙΘ. 1598

Ἐπὶ τοῦ θέματος τῶν ἐξωτερικῶν ὁ πρωθυπουργὸς ἐτόνισεν ὅτι ἡ Ἑλλὰς δὲν πρόκειται νὰ ὑποχωρήσῃ καὶ ὅτι θὰ ὑπερασπισθῇ μέχρι τέλους τὰ δίκαια τοῦ Κυπριακοῦ Ἑλληνισμοῦ ἐνώπιον τῶν διεθνῶν ὀργανισμῶν.

ΑΠΟΔΕΙΚΤΙΚΟΝ ΑΡΙΘ. 1153

Ὁ ἀρμόδιος ὑπουργὸς ἀνέφερεν ὅτι ἡ κυβέρνησις μελετᾷ τὴν ὅλην ὑπόθεσιν καὶ ὅτι σύντομα θὰ ἀνακοινωθοῦν αἱ ἀποφάσεις. Οἱ βουλευταὶ τῆς ἀντιπολιτεύσεως ἐζήτησαν σαφεῖς ἀπαντήσεις ἐπὶ τῶν αἰτημάτων.

Κ. ΡΟΔΟΠΟΥΛΟΣ

Κατὰ τὰς πληροφορίας ἡ κυβέρνησις θὰ ὑποβάλῃ νομοσχέδιον διὰ τοῦ ὁποίου ρυθμίζονται τὰ ζητήματα τῆς ἐξελίξεως καὶ τῶν ἀποδοχῶν. Αἱ διαπραγματεύσεις συνεχίζονται μὲ τοὺς ἐκπροσώπους τῶν ἐνδιαφερομένων.

Τὸ γεγονὸς ὅτι ἡ κυβέρνησις ἐπεδίωξε νὰ παρουσιάσῃ τὴν κατάστασιν ὡς ὁμαλὴν δὲν ἀνταποκρίνεται πρὸς τὴν πραγματικότητα. Ἡ συζήτησις ἐν τῇ Βουλῇ ἀπέδειξεν ὅτι τὰ προβλήματα τῶν ἰατρῶν παραμένουν ἄλυτα καὶ ὅτι ἡ ἀνάγκη λήψεως ἀμέσων μέτρων εἶναι ἐπιτακτική.

Εἰς τὴν συνεδρίασιν παρέστησαν πολλοὶ ἐκπρόσωποι τῶν ἐπαγγελματικῶν ὀργανώσεων, οἱ ὁποῖοι παρηκολούθησαν μετὰ μεγάλου ἐνδιαφέροντος τὴν συζήτησιν. Ἡ ἐπιτροπὴ θὰ συνέλθῃ ἐκ νέου τὴν προσεχῆ ἑβδομάδα.

ΙΩΑΝΝΗΣ ΓΑΤΣΗΣ

Ἐπὶ τοῦ θέματος τῶν ἐξωτερικῶν ὁ πρωθυπουργὸς ἐτόνισεν ὅτι ἡ Ἑλλὰς δὲν πρόκειται νὰ ὑποχωρήσῃ καὶ ὅτι θὰ ὑπερασπισθῇ μέχρι τέλους τὰ δίκαια τοῦ Κυπριακοῦ Ἑλληνισμοῦ ἐνώπιον τῶν διεθνῶν ὀργανισμῶν.

ΙΩΑΝΝΗΣ ΓΑΤΣΗΣ

ΕΝΟΙΚΙΑΖΕΤΑΙ

Ὁ ἀρμόδιος ὑπουργὸς ἀνέφερεν ὅτι ἡ κυβέρνησις μελετᾷ τὴν ὅλην ὑπόθεσιν καὶ ὅτι σύντομα θὰ ἀνακοινωθοῦν αἱ ἀποφάσεις. Οἱ βουλευταὶ τῆς ἀντιπολιτεύσεως ἐζήτησαν σαφεῖς ἀπαντήσεις ἐπὶ τῶν αἰτημάτων.

ΗΛ. ΘΥΡΙΔΑ
ELCO
ΝΕΓΡΗΣ ΑΧΑΡΝΩΝ 255

Τὸ γεγονὸς ὅτι ἡ κυβέρνησις ἐπεδίωξε νὰ παρουσιάσῃ τὴν κατάστασιν ὡς ὁμαλὴν δὲν ἀνταποκρίνεται πρὸς τὴν πραγματικότητα. Ἡ συζήτησις ἐν τῇ Βουλῇ ἀπέδειξεν ὅτι τὰ προβλήματα τῶν ἰατρῶν παραμένουν ἄλυτα καὶ ὅτι ἡ ἀνάγκη λήψεως ἀμέσων μέτρων εἶναι ἐπιτακτική.

Ὁ ἀρμόδιος ὑπουργὸς ἀνέφερεν ὅτι ἡ κυβέρνησις μελετᾷ τὴν ὅλην ὑπόθεσιν καὶ ὅτι σύντομα θὰ ἀνακοινωθοῦν αἱ ἀποφάσεις. Οἱ βουλευταὶ τῆς ἀντιπολιτεύσεως ἐζήτησαν σαφεῖς ἀπαντήσεις ἐπὶ τῶν αἰτημάτων.

Εἰς τὴν συνεδρίασιν παρέστησαν πολλοὶ ἐκπρόσωποι τῶν ἐπαγγελματικῶν ὀργανώσεων, οἱ ὁποῖοι παρηκολούθησαν μετὰ μεγάλου ἐνδιαφέροντος τὴν συζήτησιν. Ἡ ἐπιτροπὴ θὰ συνέλθῃ ἐκ νέου τὴν προσεχῆ ἑβδομάδα.

Κατὰ τὰς πληροφορίας ἡ κυβέρνησις θὰ ὑποβάλῃ νομοσχέδιον διὰ τοῦ ὁποίου ρυθμίζονται τὰ ζητήματα τῆς ἐξελίξεως καὶ τῶν ἀποδοχῶν. Αἱ διαπραγματεύσεις συνεχίζονται μὲ τοὺς ἐκπροσώπους τῶν ἐνδιαφερομένων.

Ἐπὶ τοῦ θέματος τῶν ἐξωτερικῶν ὁ πρωθυπουργὸς ἐτόνισεν ὅτι ἡ Ἑλλὰς δὲν πρόκειται νὰ ὑποχωρήσῃ καὶ ὅτι θὰ ὑπερασπισθῇ μέχρι τέλους τὰ δίκαια τοῦ Κυπριακοῦ Ἑλληνισμοῦ ἐνώπιον τῶν διεθνῶν ὀργανισμῶν.

Τὸ γεγονὸς ὅτι ἡ κυβέρνησις ἐπεδίωξε νὰ παρουσιάσῃ τὴν κατάστασιν ὡς ὁμαλὴν δὲν ἀνταποκρίνεται πρὸς τὴν πραγματικότητα. Ἡ συζήτησις ἐν τῇ Βουλῇ ἀπέδειξεν ὅτι τὰ προβλήματα τῶν ἰατρῶν παραμένουν ἄλυτα καὶ ὅτι ἡ ἀνάγκη λήψεως ἀμέσων μέτρων εἶναι ἐπιτακτική.

ΕΠΙΔΑΧΩΣΕΣ ΚΑΙ ΑΠΟΤΡΙΧΩΣΕΙΣ ΖΗΤΟΥΝ ΕΙΣΑΧΩΓΗΝ

Ὁ ἀρμόδιος ὑπουργὸς ἀνέφερεν ὅτι ἡ κυβέρνησις μελετᾷ τὴν ὅλην ὑπόθεσιν καὶ ὅτι σύντομα θὰ ἀνακοινωθοῦν αἱ ἀποφάσεις. Οἱ βουλευταὶ τῆς ἀντιπολιτεύσεως ἐζήτησαν σαφεῖς ἀπαντήσεις ἐπὶ τῶν αἰτημάτων.

Εἰς τὴν συνεδρίασιν παρέστησαν πολλοὶ ἐκπρόσωποι τῶν ἐπαγγελματικῶν ὀργανώσεων, οἱ ὁποῖοι παρηκολούθησαν μετὰ μεγάλου ἐνδιαφέροντος τὴν συζήτησιν. Ἡ ἐπιτροπὴ θὰ συνέλθῃ ἐκ νέου τὴν προσεχῆ ἑβδομάδα.

ΔΙΕΥΚΡΙΝΙΣΕΙΣ ΠΕΡΙ ΤΗΣ ΠΕΡΙΟΔΕΙΑΣ ΤΟΥ ΑΓΩΝΙΣΤΟΥ

Κατὰ τὰς πληροφορίας ἡ κυβέρνησις θὰ ὑποβάλῃ νομοσχέδιον διὰ τοῦ ὁποίου ρυθμίζονται τὰ ζητήματα τῆς ἐξελίξεως καὶ τῶν ἀποδοχῶν. Αἱ διαπραγματεύσεις συνεχίζονται μὲ τοὺς ἐκπροσώπους τῶν ἐνδιαφερομένων.

Ἐπὶ τοῦ θέματος τῶν ἐξωτερικῶν ὁ πρωθυπουργὸς ἐτόνισεν ὅτι ἡ Ἑλλὰς δὲν πρόκειται νὰ ὑποχωρήσῃ καὶ ὅτι θὰ ὑπερασπισθῇ μέχρι τέλους τὰ δίκαια τοῦ Κυπριακοῦ Ἑλληνισμοῦ ἐνώπιον τῶν διεθνῶν ὀργανισμῶν.

Τὸ γεγονὸς ὅτι ἡ κυβέρνησις ἐπεδίωξε νὰ παρουσιάσῃ τὴν κατάστασιν ὡς ὁμαλὴν δὲν ἀνταποκρίνεται πρὸς τὴν πραγματικότητα. Ἡ συζήτησις ἐν τῇ Βουλῇ ἀπέδειξεν ὅτι τὰ προβλήματα τῶν ἰατρῶν παραμένουν ἄλυτα καὶ ὅτι ἡ ἀνάγκη λήψεως ἀμέσων μέτρων εἶναι ἐπιτακτική.

ΚΙΡΣΟΙ — ΦΛΕΒΙΤΙΔΕΣ ΚΑΙ ΤΑ ΕΛΚΗ ΠΟΔΩΝ

Ὁ ἀρμόδιος ὑπουργὸς ἀνέφερεν ὅτι ἡ κυβέρνησις μελετᾷ τὴν ὅλην ὑπόθεσιν καὶ ὅτι σύντομα θὰ ἀνακοινωθοῦν αἱ ἀποφάσεις. Οἱ βουλευταὶ τῆς ἀντιπολιτεύσεως ἐζήτησαν σαφεῖς ἀπαντήσεις ἐπὶ τῶν αἰτημάτων.

ΛΟΓΙΣΤΙΚΑ:

Εἰς τὴν συνεδρίασιν παρέστησαν πολλοὶ ἐκπρόσωποι τῶν ἐπαγγελματικῶν ὀργανώσεων, οἱ ὁποῖοι παρηκολούθησαν μετὰ μεγάλου ἐνδιαφέροντος τὴν συζήτησιν. Ἡ ἐπιτροπὴ θὰ συνέλθῃ ἐκ νέου τὴν προσεχῆ ἑβδομάδα.

ΜΑΝΤΑΡΙΣΜΑΤΑ

Κατὰ τὰς πληροφορίας ἡ κυβέρνησις θὰ ὑποβάλῃ νομοσχέδιον διὰ τοῦ ὁποίου ρυθμίζονται τὰ ζητήματα τῆς ἐξελίξεως καὶ τῶν ἀποδοχῶν. Αἱ διαπραγματεύσεις συνεχίζονται μὲ τοὺς ἐκπροσώπους τῶν ἐνδιαφερομένων.

ΠΛΕΚΤΟΜΗΧΑΝΕΣ ΜΟΥΣΤ.

Ἐπὶ τοῦ θέματος τῶν ἐξωτερικῶν ὁ πρωθυπουργὸς ἐτόνισεν ὅτι ἡ Ἑλλὰς δὲν πρόκειται νὰ ὑποχωρήσῃ καὶ ὅτι θὰ ὑπερασπισθῇ μέχρι τέλους τὰ δίκαια τοῦ Κυπριακοῦ Ἑλληνισμοῦ ἐνώπιον τῶν διεθνῶν ὀργανισμῶν.

ENCYCLOPAEDIA BRITANNICA

Τὸ γεγονὸς ὅτι ἡ κυβέρνησις ἐπεδίωξε νὰ παρουσιάσῃ τὴν κατάστασιν ὡς ὁμαλὴν δὲν ἀνταποκρίνεται πρὸς τὴν πραγματικότητα. Ἡ συζήτησις ἐν τῇ Βουλῇ ἀπέδειξεν ὅτι τὰ προβλήματα τῶν ἰατρῶν παραμένουν ἄλυτα καὶ ὅτι ἡ ἀνάγκη λήψεως ἀμέσων μέτρων εἶναι ἐπιτακτική.
